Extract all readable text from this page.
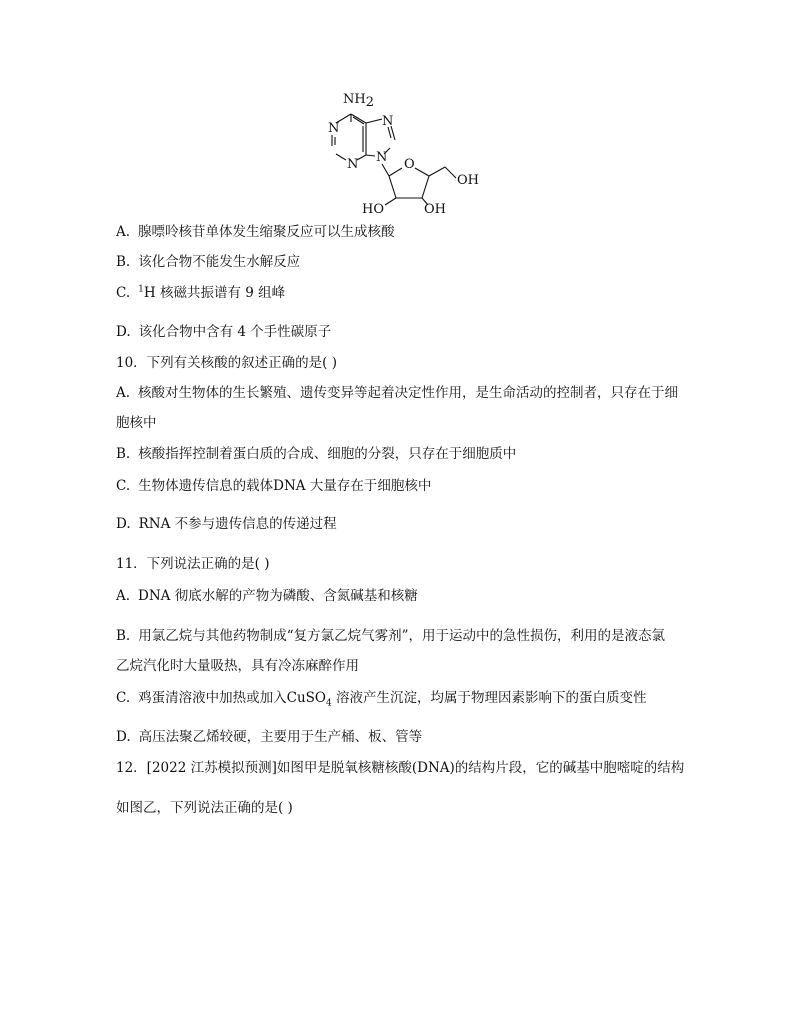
NH2
N
N
N
N O
OH
HO	OH
A. 腺嘌呤核苷单体发生缩聚反应可以生成核酸
B. 该化合物不能发生水解反应
C. $^1$H 核磁共振谱有 9 组峰
D. 该化合物中含有 4 个手性碳原子
10．下列有关核酸的叙述正确的是( )
A. 核酸对生物体的生长繁殖、遗传变异等起着决定性作用，是生命活动的控制者，只存在于细
胞核中
B. 核酸指挥控制着蛋白质的合成、细胞的分裂，只存在于细胞质中
C. 生物体遗传信息的载体DNA 大量存在于细胞核中
D. RNA 不参与遗传信息的传递过程
11．下列说法正确的是( )
A. DNA 彻底水解的产物为磷酸、含氮碱基和核糖
B. 用氯乙烷与其他药物制成“复方氯乙烷气雾剂”，用于运动中的急性损伤，利用的是液态氯
乙烷汽化时大量吸热，具有冷冻麻醉作用
C. 鸡蛋清溶液中加热或加入CuSO$_4$ 溶液产生沉淀，均属于物理因素影响下的蛋白质变性
D. 高压法聚乙烯较硬，主要用于生产桶、板、管等
12．[2022 江苏模拟预测]如图甲是脱氧核糖核酸(DNA)的结构片段，它的碱基中胞嘧啶的结构
如图乙，下列说法正确的是( )
